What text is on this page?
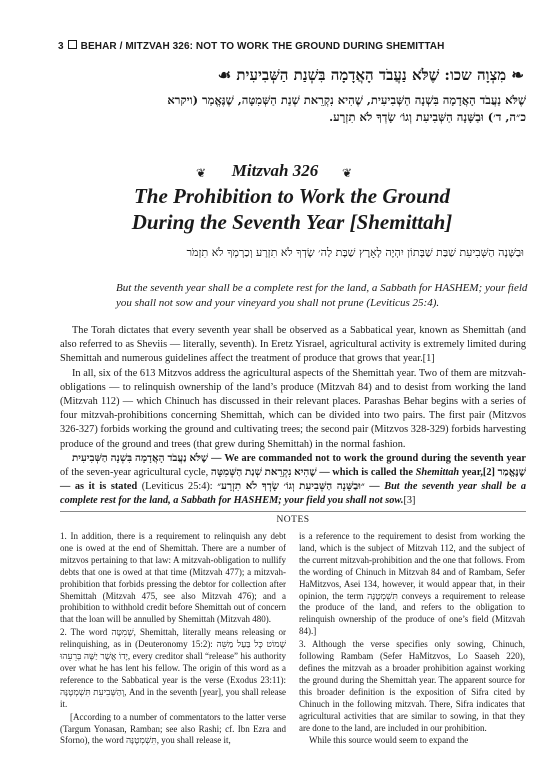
3 BEHAR / MITZVAH 326: NOT TO WORK THE GROUND DURING SHEMITTAH
❧ מִצְוָה שכו: שֶׁלֹּא נַעֲבֹד הָאֲדָמָה בִּשְׁנַת הַשְּׁבִיעִית ☙
שֶׁלֹּא נַעֲבֹד הָאֲדָמָה בִּשְׁנָה הַשְּׁבִיעִית, שֶׁהִיא נִקְרֵאת שְׁנַת הַשְּׁמִטָּה, שֶׁנֶּאֱמַר (ויקרא
כ״ה, ד׳) וּבַשָּׁנָה הַשְּׁבִיעִת וְגוֹ׳ שָׂדְךָ לֹא תִזְרָע.
❦	Mitzvah 326	❦
The Prohibition to Work the Ground
During the Seventh Year [Shemittah]
וּבַשָּׁנָה הַשְּׁבִיעִת שַׁבַּת שַׁבָּתוֹן יִהְיֶה לָאָרֶץ שַׁבָּת לַה׳ שָׂדְךָ לֹא תִזְרָע וְכַרְמְךָ לֹא תִזְמֹר
But the seventh year shall be a complete rest for the land, a Sabbath for HASHEM; your field you shall not sow and your vineyard you shall not prune (Leviticus 25:4).

The Torah dictates that every seventh year shall be observed as a Sabbatical year, known as Shemittah (and also referred to as Sheviis — literally, seventh). In Eretz Yisrael, agricultural activity is extremely limited during Shemittah and numerous guidelines affect the treatment of produce that grows that year.[1]

In all, six of the 613 Mitzvos address the agricultural aspects of the Shemittah year. Two of them are mitzvah-obligations — to relinquish ownership of the land’s produce (Mitzvah 84) and to desist from working the land (Mitzvah 112) — which Chinuch has discussed in their relevant places. Parashas Behar begins with a series of four mitzvah-prohibitions concerning Shemittah, which can be divided into two pairs. The first pair (Mitzvos 326-327) forbids working the ground and cultivating trees; the second pair (Mitzvos 328-329) forbids harvesting produce of the ground and trees (that grew during Shemittah) in the normal fashion.

שֶׁלֹּא נַעֲבֹד הָאֲדָמָה בִּשְׁנָה הַשְּׁבִיעִית — We are commanded not to work the ground during the seventh year of the seven-year agricultural cycle, שֶׁהִיא נִקְרֵאת שְׁנַת הַשְּׁמִטָּה — which is called the Shemittah year,[2] שֶׁנֶּאֱמַר — as it is stated (Leviticus 25:4): ״וּבַשָּׁנָה הַשְּׁבִיעִת וְגוֹ׳ שָׂדְךָ לֹא תִזְרָע״ — But the seventh year shall be a complete rest for the land, a Sabbath for HASHEM; your field you shall not sow.[3]

NOTES

1. In addition, there is a requirement to relinquish any debt one is owed at the end of Shemittah. There are a number of mitzvos pertaining to that law: A mitzvah-obligation to nullify debts that one is owed at that time (Mitzvah 477); a mitzvah-prohibition that forbids pressing the debtor for collection after Shemittah (Mitzvah 475, see also Mitzvah 476); and a prohibition to withhold credit before Shemittah out of concern that the loan will be annulled by Shemittah (Mitzvah 480).

2. The word שְׁמִטָּה, Shemittah, literally means releasing or relinquishing, as in (Deuteronomy 15:2): שָׁמוֹט כָּל בַּעַל מַשֵּׁה יָדוֹ אֲשֶׁר יַשֶּׁה בְּרֵעֵהוּ, every creditor shall “release” his authority over what he has lent his fellow. The origin of this word as a reference to the Sabbatical year is the verse (Exodus 23:11): וְהַשְּׁבִיעִת תִּשְׁמְטֶנָּה, And in the seventh [year], you shall release it.

[According to a number of commentators to the latter verse (Targum Yonasan, Ramban; see also Rashi; cf. Ibn Ezra and Sforno), the word תִּשְׁמְטֶנָּה, you shall release it,

is a reference to the requirement to desist from working the land, which is the subject of Mitzvah 112, and the subject of the current mitzvah-prohibition and the one that follows. From the wording of Chinuch in Mitzvah 84 and of Rambam, Sefer HaMitzvos, Asei 134, however, it would appear that, in their opinion, the term תִּשְׁמְטֶנָּה conveys a requirement to release the produce of the land, and refers to the obligation to relinquish ownership of the produce of one’s field (Mitzvah 84).]

3. Although the verse specifies only sowing, Chinuch, following Rambam (Sefer HaMitzvos, Lo Saaseh 220), defines the mitzvah as a broader prohibition against working the ground during the Shemittah year. The apparent source for this broader definition is the exposition of Sifra cited by Chinuch in the following mitzvah. There, Sifra indicates that agricultural activities that are similar to sowing, in that they are done to the land, are included in our prohibition.

While this source would seem to expand the
